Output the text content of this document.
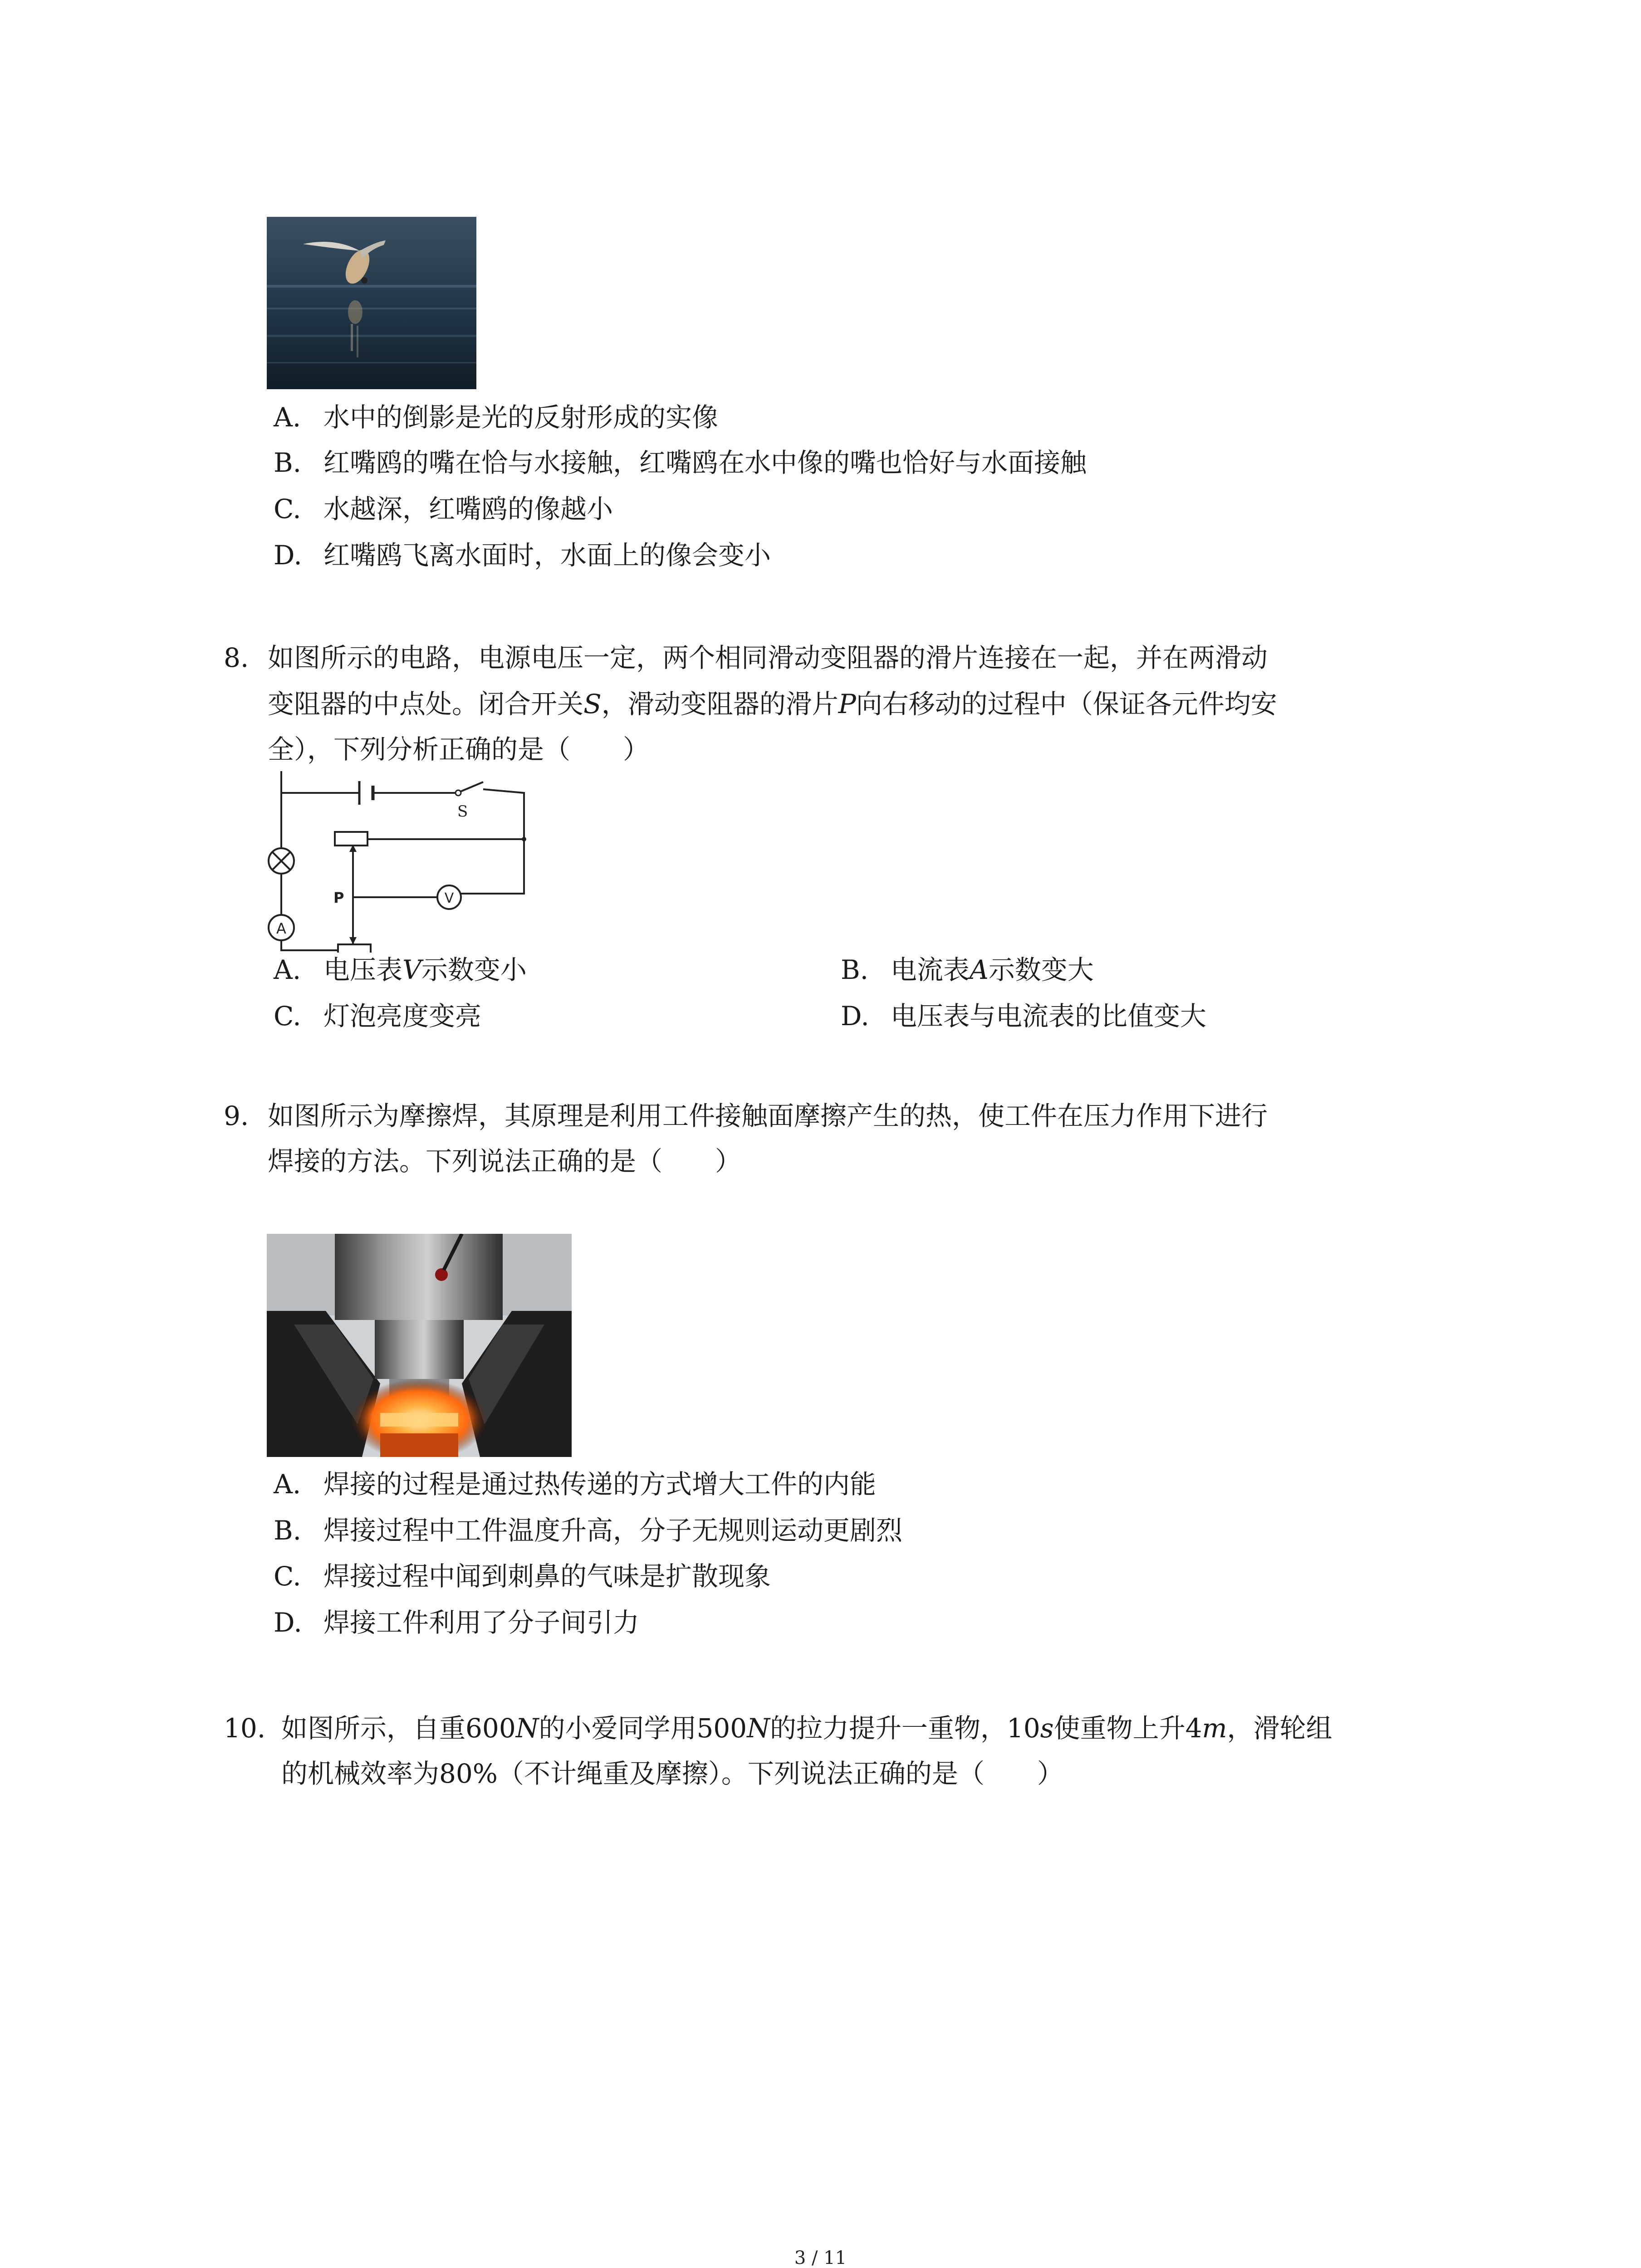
A. 水中的倒影是光的反射形成的实像
B. 红嘴鸥的嘴在恰与水接触，红嘴鸥在水中像的嘴也恰好与水面接触
C. 水越深，红嘴鸥的像越小
D. 红嘴鸥飞离水面时，水面上的像会变小
8. 如图所示的电路，电源电压一定，两个相同滑动变阻器的滑片连接在一起，并在两滑动
变阻器的中点处。闭合开关S，滑动变阻器的滑片P向右移动的过程中（保证各元件均安
全），下列分析正确的是（　　）
S
A
P	V
A. 电压表V示数变小	B. 电流表A示数变大
C. 灯泡亮度变亮	D. 电压表与电流表的比值变大
9. 如图所示为摩擦焊，其原理是利用工件接触面摩擦产生的热，使工件在压力作用下进行
焊接的方法。下列说法正确的是（　　）
A. 焊接的过程是通过热传递的方式增大工件的内能
B. 焊接过程中工件温度升高，分子无规则运动更剧烈
C. 焊接过程中闻到刺鼻的气味是扩散现象
D. 焊接工件利用了分子间引力
10. 如图所示，自重600N的小爱同学用500N的拉力提升一重物，10s使重物上升4m，滑轮组
的机械效率为80%（不计绳重及摩擦）。下列说法正确的是（　　）
3 / 11
